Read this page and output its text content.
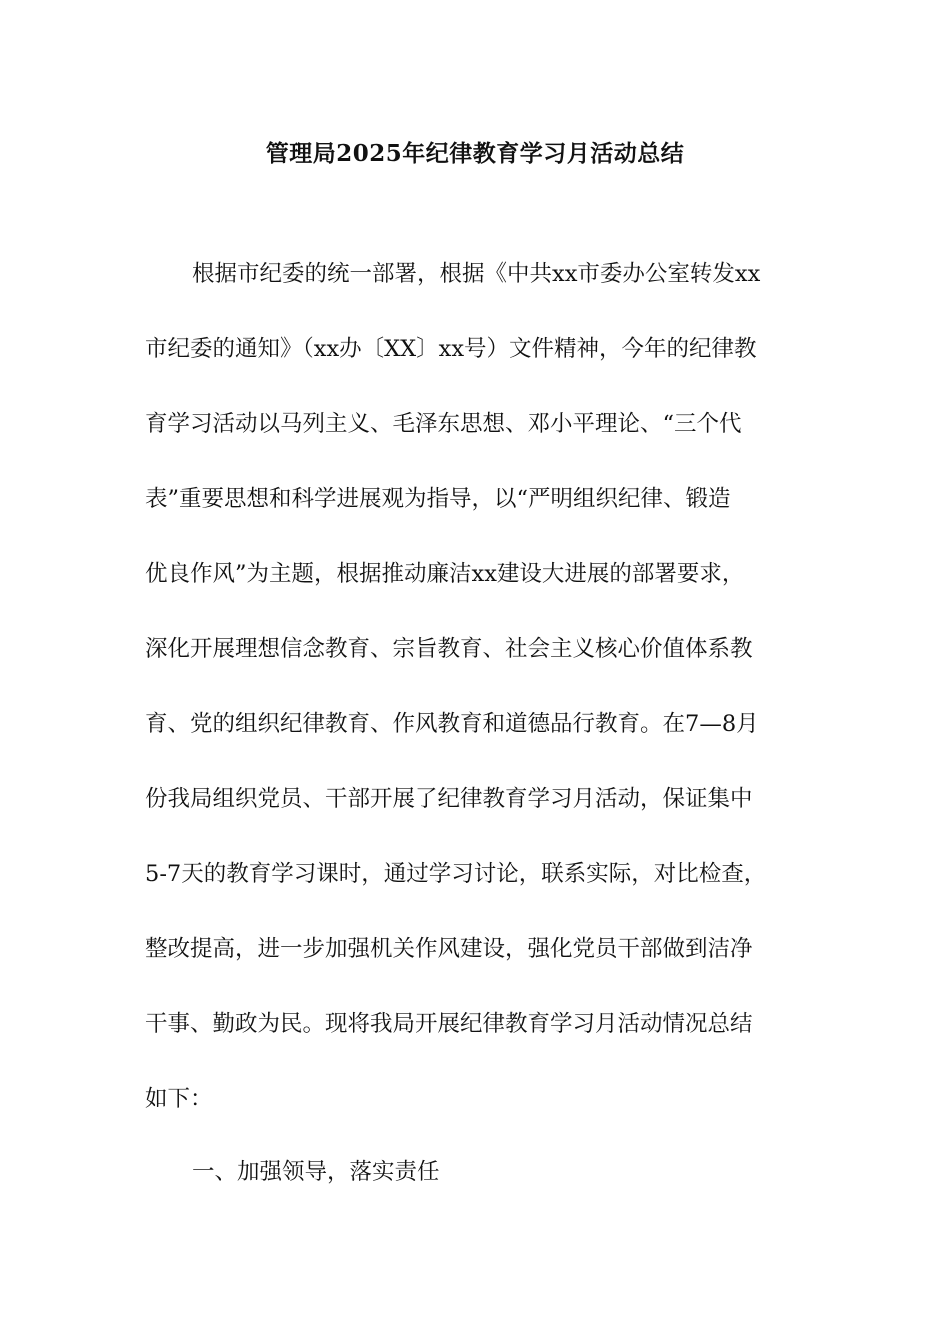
管理局2025年纪律教育学习月活动总结

根据市纪委的统一部署，根据《中共xx市委办公室转发xx

市纪委的通知》（xx办〔XX〕xx号）文件精神，今年的纪律教

育学习活动以马列主义、毛泽东思想、邓小平理论、“三个代

表”重要思想和科学进展观为指导，以“严明组织纪律、锻造

优良作风”为主题，根据推动廉洁xx建设大进展的部署要求，

深化开展理想信念教育、宗旨教育、社会主义核心价值体系教

育、党的组织纪律教育、作风教育和道德品行教育。在7—8月

份我局组织党员、干部开展了纪律教育学习月活动，保证集中

5-7天的教育学习课时，通过学习讨论，联系实际，对比检查，

整改提高，进一步加强机关作风建设，强化党员干部做到洁净

干事、勤政为民。现将我局开展纪律教育学习月活动情况总结

如下：

一、加强领导，落实责任
